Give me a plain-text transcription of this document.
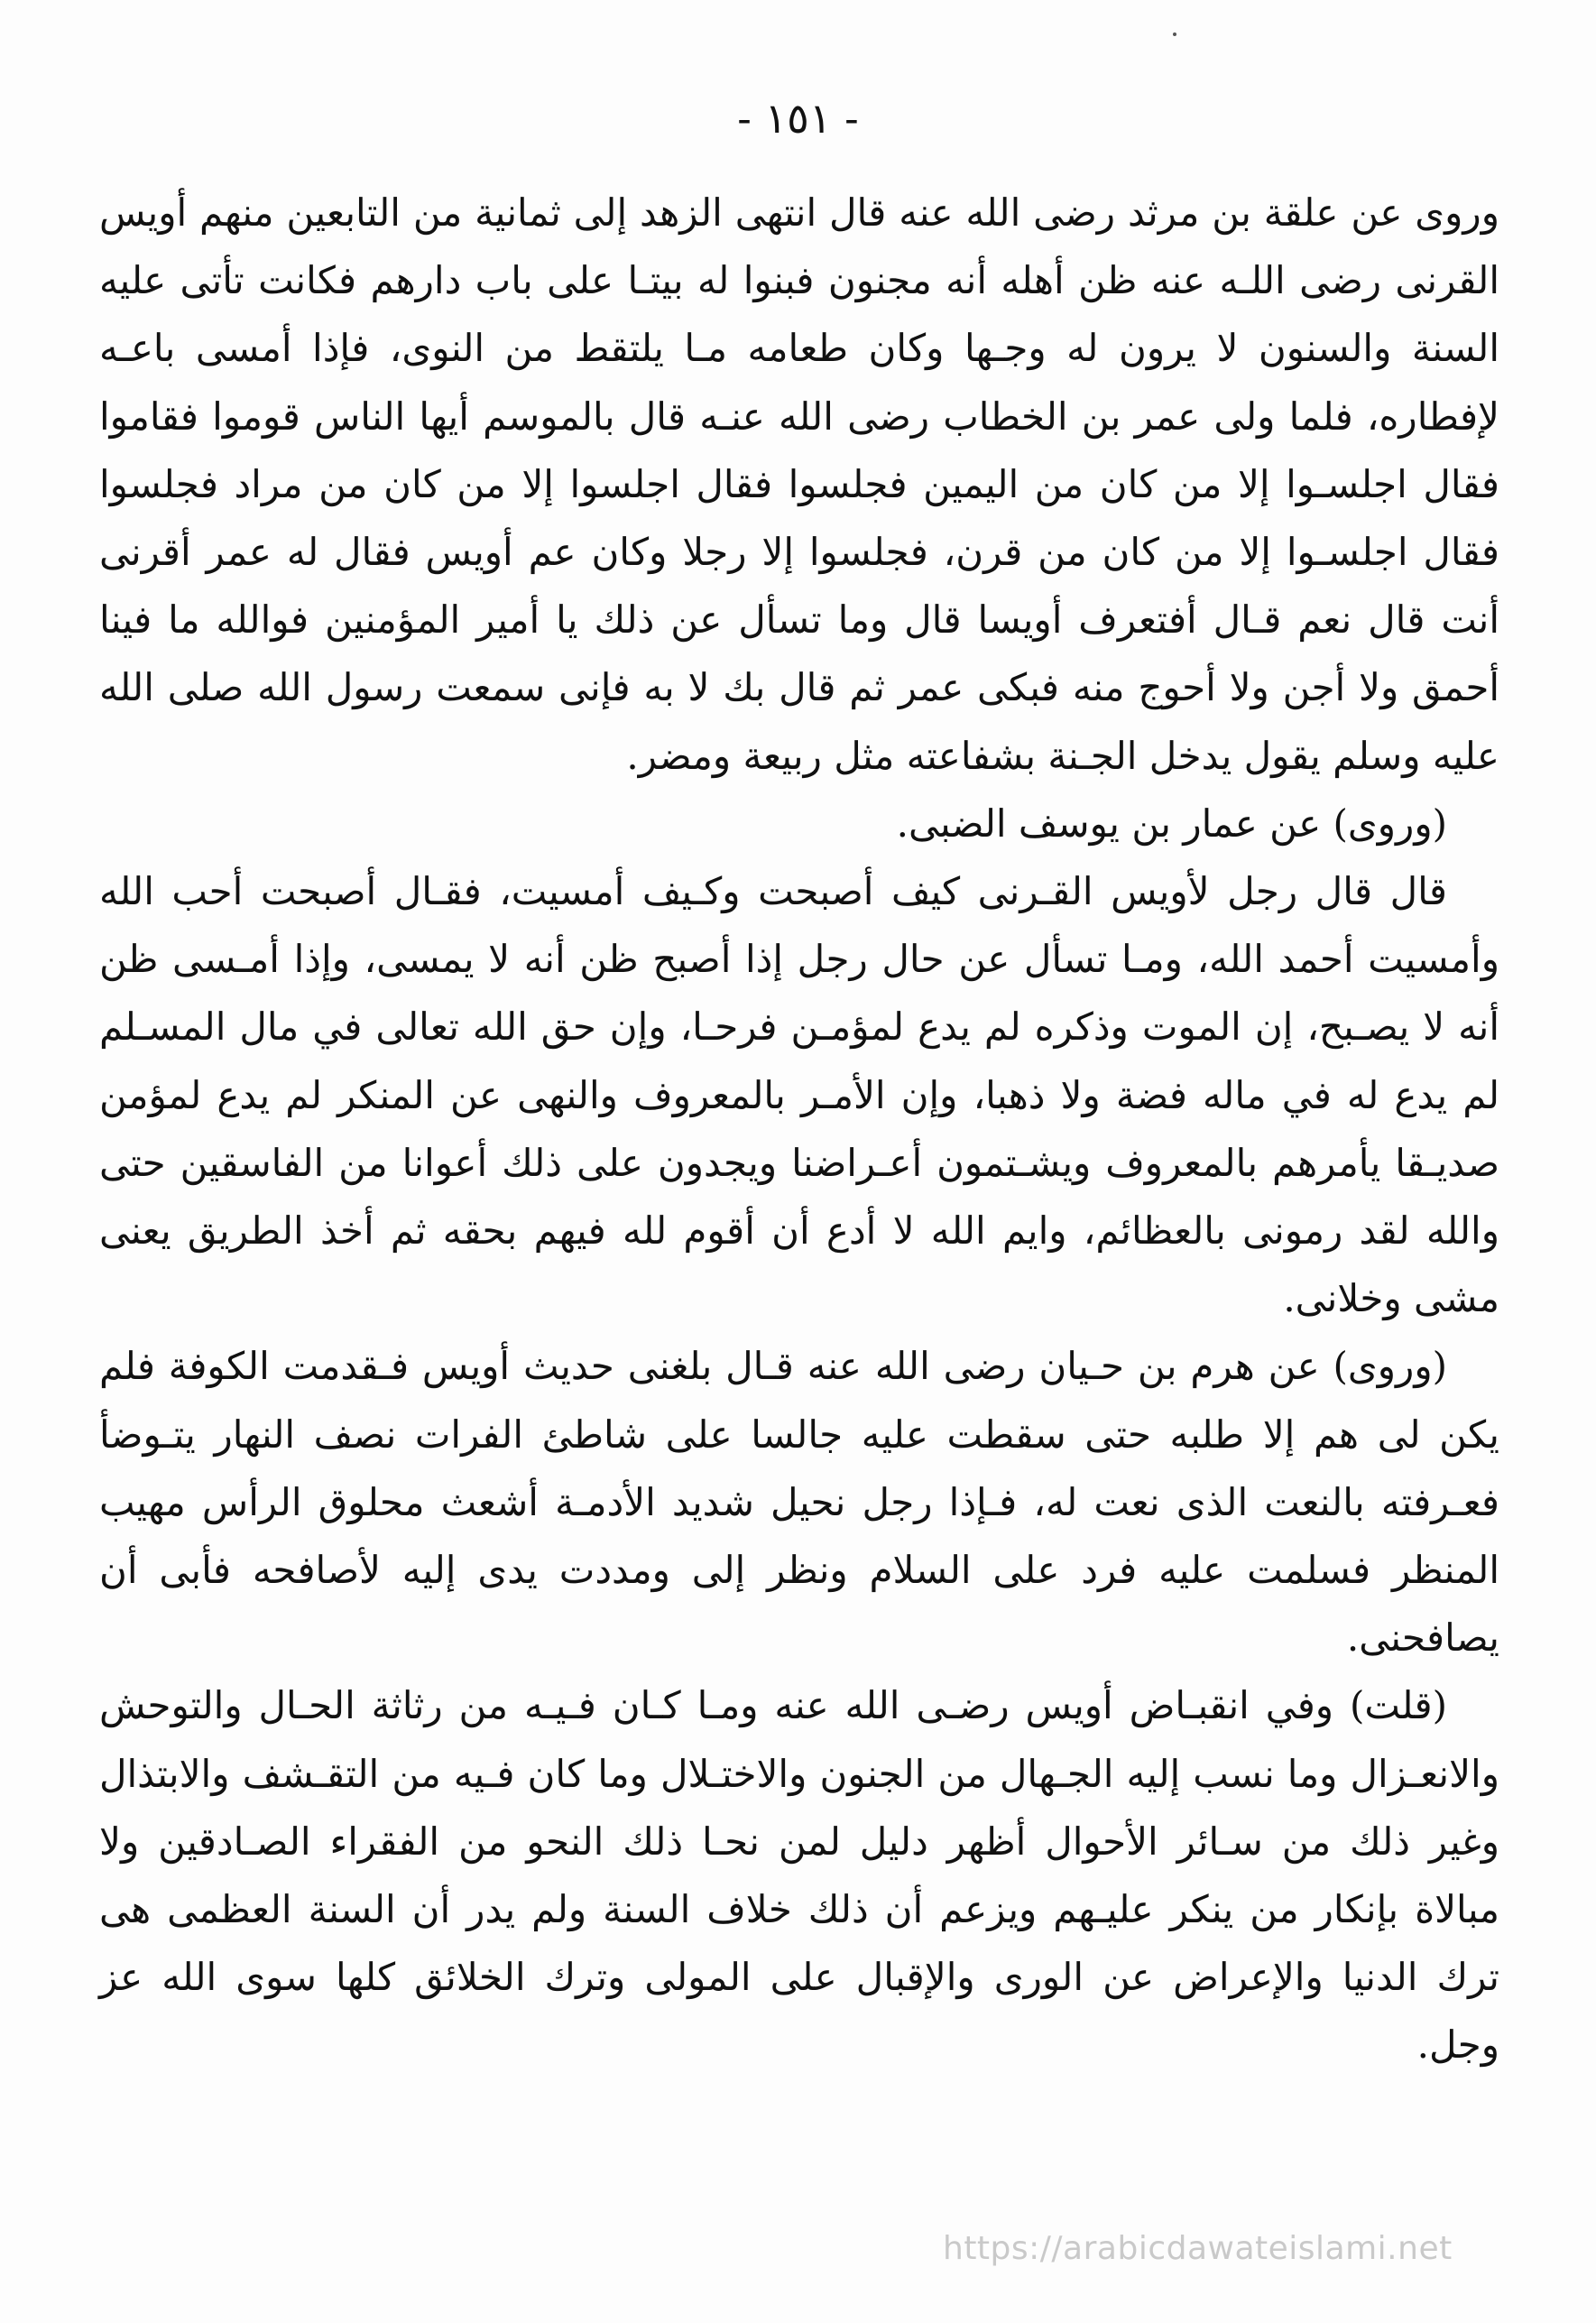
- ١٥١ -

وروى عن علقة بن مرثد رضى الله عنه قال انتهى الزهد إلى ثمانية من التابعين منهم أويس القرنى رضى اللـه عنه ظن أهله أنه مجنون فبنوا له بيتـا على باب دارهم فكانت تأتى عليه السنة والسنون لا يرون له وجـها وكان طعامه مـا يلتقط من النوى، فإذا أمسى باعـه لإفطاره، فلما ولى عمر بن الخطاب رضى الله عنـه قال بالموسم أيها الناس قوموا فقاموا فقال اجلسـوا إلا من كان من اليمين فجلسوا فقال اجلسوا إلا من كان من مراد فجلسوا فقال اجلسـوا إلا من كان من قرن، فجلسوا إلا رجلا وكان عم أويس فقال له عمر أقرنى أنت قال نعم قـال أفتعرف أويسا قال وما تسأل عن ذلك يا أمير المؤمنين فوالله ما فينا أحمق ولا أجن ولا أحوج منه فبكى عمر ثم قال بك لا به فإنى سمعت رسول الله صلى الله عليه وسلم يقول يدخل الجـنة بشفاعته مثل ربيعة ومضر.

(وروى) عن عمار بن يوسف الضبى.

قال قال رجل لأويس القـرنى كيف أصبحت وكـيف أمسيت، فقـال أصبحت أحب الله وأمسيت أحمد الله، ومـا تسأل عن حال رجل إذا أصبح ظن أنه لا يمسى، وإذا أمـسى ظن أنه لا يصـبح، إن الموت وذكره لم يدع لمؤمـن فرحـا، وإن حق الله تعالى في مال المسـلم لم يدع له في ماله فضة ولا ذهبا، وإن الأمـر بالمعروف والنهى عن المنكر لم يدع لمؤمن صديـقا يأمرهم بالمعروف ويشـتمون أعـراضنا ويجدون على ذلك أعوانا من الفاسقين حتى والله لقد رمونى بالعظائم، وايم الله لا أدع أن أقوم لله فيهم بحقه ثم أخذ الطريق يعنى مشى وخلانى.

(وروى) عن هرم بن حـيان رضى الله عنه قـال بلغنى حديث أويس فـقدمت الكوفة فلم يكن لى هم إلا طلبه حتى سقطت عليه جالسا على شاطئ الفرات نصف النهار يتـوضأ فعـرفته بالنعت الذى نعت له، فـإذا رجل نحيل شديد الأدمـة أشعث محلوق الرأس مهيب المنظر فسلمت عليه فرد على السلام ونظر إلى ومددت يدى إليه لأصافحه فأبى أن يصافحنى.

(قلت) وفي انقبـاض أويس رضـى الله عنه ومـا كـان فـيـه من رثاثة الحـال والتوحش والانعـزال وما نسب إليه الجـهال من الجنون والاختـلال وما كان فـيه من التقـشف والابتذال وغير ذلك من سـائر الأحوال أظهر دليل لمن نحـا ذلك النحو من الفقراء الصـادقين ولا مبالاة بإنكار من ينكر عليـهم ويزعم أن ذلك خلاف السنة ولم يدر أن السنة العظمى هى ترك الدنيا والإعراض عن الورى والإقبال على المولى وترك الخلائق كلها سوى الله عز وجل.

https://arabicdawateislami.net
